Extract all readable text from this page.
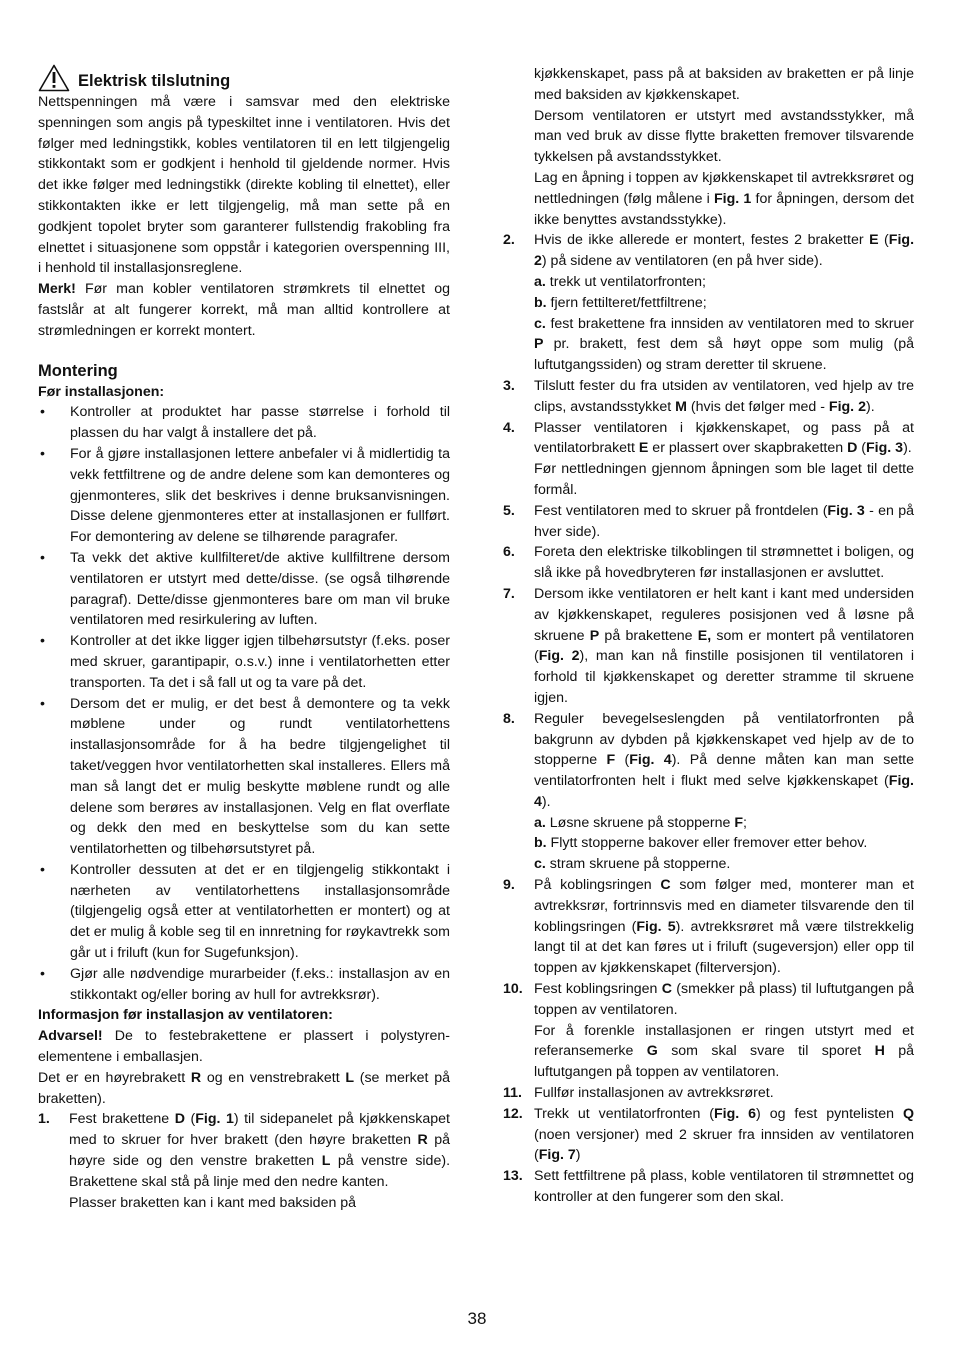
Elektrisk tilslutning

Nettspenningen må være i samsvar med den elektriske spenningen som angis på typeskiltet inne i ventilatoren. Hvis det følger med ledningstikk, kobles ventilatoren til en lett tilgjengelig stikkontakt som er godkjent i henhold til gjeldende normer. Hvis det ikke følger med ledningstikk (direkte kobling til elnettet), eller stikkontakten ikke er lett tilgjengelig, må man sette på en godkjent topolet bryter som garanterer fullstendig frakobling fra elnettet i situasjonene som oppstår i kategorien overspenning III, i henhold til installasjonsreglene.

Merk! Før man kobler ventilatoren strømkrets til elnettet og fastslår at alt fungerer korrekt, må man alltid kontrollere at strømledningen er korrekt montert.

Montering
Før installasjonen:
• Kontroller at produktet har passe størrelse i forhold til plassen du har valgt å installere det på.
• For å gjøre installasjonen lettere anbefaler vi å midlertidig ta vekk fettfiltrene og de andre delene som kan demonteres og gjenmonteres, slik det beskrives i denne bruksanvisningen. Disse delene gjenmonteres etter at installasjonen er fullført. For demontering av delene se tilhørende paragrafer.
• Ta vekk det aktive kullfilteret/de aktive kullfiltrene dersom ventilatoren er utstyrt med dette/disse. (se også tilhørende paragraf). Dette/disse gjenmonteres bare om man vil bruke ventilatoren med resirkulering av luften.
• Kontroller at det ikke ligger igjen tilbehørsutstyr (f.eks. poser med skruer, garantipapir, o.s.v.) inne i ventilatorhetten etter transporten. Ta det i så fall ut og ta vare på det.
• Dersom det er mulig, er det best å demontere og ta vekk møblene under og rundt ventilatorhettens installasjonsområde for å ha bedre tilgjengelighet til taket/veggen hvor ventilatorhetten skal installeres. Ellers må man så langt det er mulig beskytte møblene rundt og alle delene som berøres av installasjonen. Velg en flat overflate og dekk den med en beskyttelse som du kan sette ventilatorhetten og tilbehørsutstyret på.
• Kontroller dessuten at det er en tilgjengelig stikkontakt i nærheten av ventilatorhettens installasjonsområde (tilgjengelig også etter at ventilatorhetten er montert) og at det er mulig å koble seg til en innretning for røykavtrekk som går ut i friluft (kun for Sugefunksjon).
• Gjør alle nødvendige murarbeider (f.eks.: installasjon av en stikkontakt og/eller boring av hull for avtrekksrør).
Informasjon før installasjon av ventilatoren:

Advarsel! De to festebrakettene er plassert i polystyren-elementene i emballasjen.

Det er en høyrebrakett R og en venstrebrakett L (se merket på braketten).

1. Fest brakettene D (Fig. 1) til sidepanelet på kjøkkenskapet med to skruer for hver brakett (den høyre braketten R på høyre side og den venstre braketten L på venstre side). Brakettene skal stå på linje med den nedre kanten.
Plasser braketten kan i kant med baksiden på
kjøkkenskapet, pass på at baksiden av braketten er på linje med baksiden av kjøkkenskapet.
Dersom ventilatoren er utstyrt med avstandsstykker, må man ved bruk av disse flytte braketten fremover tilsvarende tykkelsen på avstandsstykket.
Lag en åpning i toppen av kjøkkenskapet til avtrekksrøret og nettledningen (følg målene i Fig. 1 for åpningen, dersom det ikke benyttes avstandsstykke).
2. Hvis de ikke allerede er montert, festes 2 braketter E (Fig. 2) på sidene av ventilatoren (en på hver side).
a. trekk ut ventilatorfronten;
b. fjern fettilteret/fettfiltrene;
c. fest brakettene fra innsiden av ventilatoren med to skruer P pr. brakett, fest dem så høyt oppe som mulig (på luftutgangssiden) og stram deretter til skruene.
3. Tilslutt fester du fra utsiden av ventilatoren, ved hjelp av tre clips, avstandsstykket M (hvis det følger med - Fig. 2).
4. Plasser ventilatoren i kjøkkenskapet, og pass på at ventilatorbrakett E er plassert over skapbraketten D (Fig. 3).
Før nettledningen gjennom åpningen som ble laget til dette formål.
5. Fest ventilatoren med to skruer på frontdelen (Fig. 3 - en på hver side).
6. Foreta den elektriske tilkoblingen til strømnettet i boligen, og slå ikke på hovedbryteren før installasjonen er avsluttet.
7. Dersom ikke ventilatoren er helt kant i kant med undersiden av kjøkkenskapet, reguleres posisjonen ved å løsne på skruene P på brakettene E, som er montert på ventilatoren (Fig. 2), man kan nå finstille posisjonen til ventilatoren i forhold til kjøkkenskapet og deretter stramme til skruene igjen.
8. Reguler bevegelseslengden på ventilatorfronten på bakgrunn av dybden på kjøkkenskapet ved hjelp av de to stopperne F (Fig. 4). På denne måten kan man sette ventilatorfronten helt i flukt med selve kjøkkenskapet (Fig. 4).
a. Løsne skruene på stopperne F;
b. Flytt stopperne bakover eller fremover etter behov.
c. stram skruene på stopperne.
9. På koblingsringen C som følger med, monterer man et avtrekksrør, fortrinnsvis med en diameter tilsvarende den til koblingsringen (Fig. 5). avtrekksrøret må være tilstrekkelig langt til at det kan føres ut i friluft (sugeversjon) eller opp til toppen av kjøkkenskapet (filterversjon).
10. Fest koblingsringen C (smekker på plass) til luftutgangen på toppen av ventilatoren.
For å forenkle installasjonen er ringen utstyrt med et referansemerke G som skal svare til sporet H på luftutgangen på toppen av ventilatoren.
11. Fullfør installasjonen av avtrekksrøret.
12. Trekk ut ventilatorfronten (Fig. 6) og fest pyntelisten Q (noen versjoner) med 2 skruer fra innsiden av ventilatoren (Fig. 7)
13. Sett fettfiltrene på plass, koble ventilatoren til strømnettet og kontroller at den fungerer som den skal.
38
